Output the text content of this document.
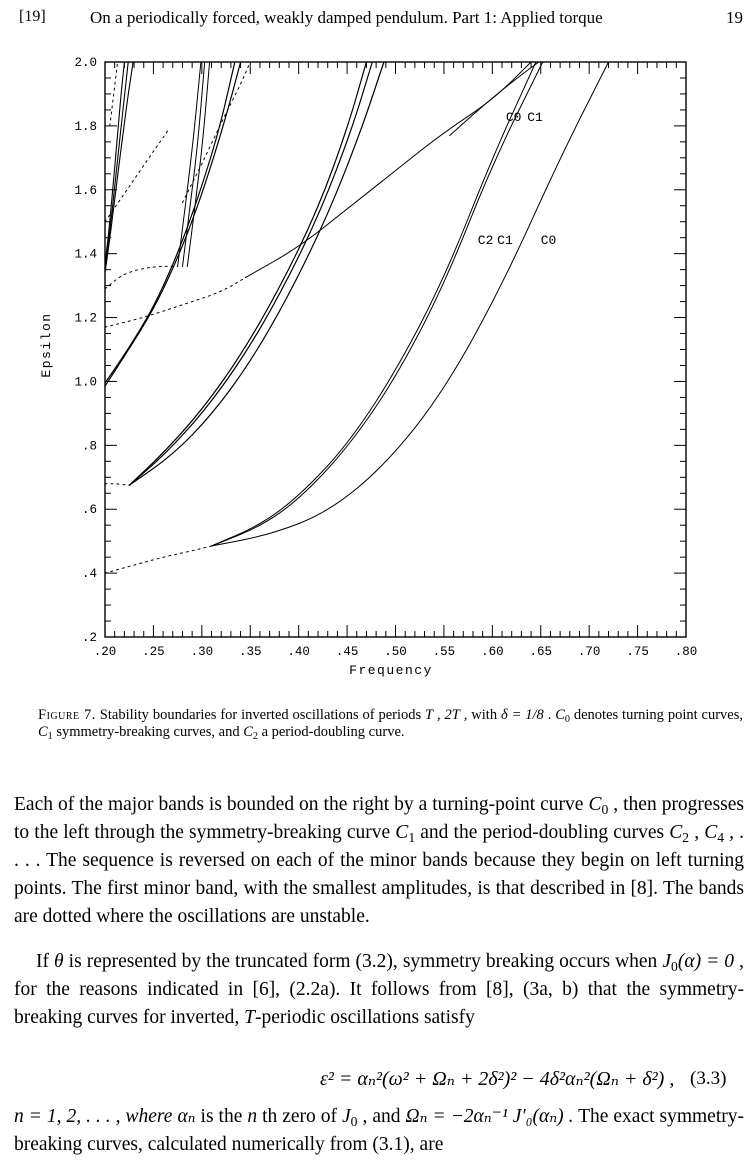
[19]	On a periodically forced, weakly damped pendulum. Part 1: Applied torque	19
.20 .25 .30 .35 .40 .45 .50 .55 .60 .65 .70 .75 .80
.2
.4
.6
.8
1.0
1.2
1.4
1.6
1.8
2.0
C0 C1
C2 C1 C0
Frequency
Epsilon
Figure 7. Stability boundaries for inverted oscillations of periods T , 2T , with δ = 1/8 . $C_0$ denotes turning point curves, $C_1$ symmetry-breaking curves, and $C_2$ a period-doubling curve.
Each of the major bands is bounded on the right by a turning-point curve $C_0$ , then progresses to the left through the symmetry-breaking curve $C_1$ and the period-doubling curves $C_2$ , $C_4$ , . . . . The sequence is reversed on each of the minor bands because they begin on left turning points. The first minor band, with the smallest amplitudes, is that described in [8]. The bands are dotted where the oscillations are unstable.
If θ is represented by the truncated form (3.2), symmetry breaking occurs when $J_0(\alpha) = 0$ , for the reasons indicated in [6], (2.2a). It follows from [8], (3a, b) that the symmetry-breaking curves for inverted, T-periodic oscillations satisfy
ε² = αₙ²(ω² + Ωₙ + 2δ²)² − 4δ²αₙ²(Ωₙ + δ²) , (3.3)
n = 1, 2, . . . , where αₙ is the n th zero of $J_0$ , and Ωₙ = −2αₙ⁻¹ J′₀(αₙ) . The exact symmetry-breaking curves, calculated numerically from (3.1), are
